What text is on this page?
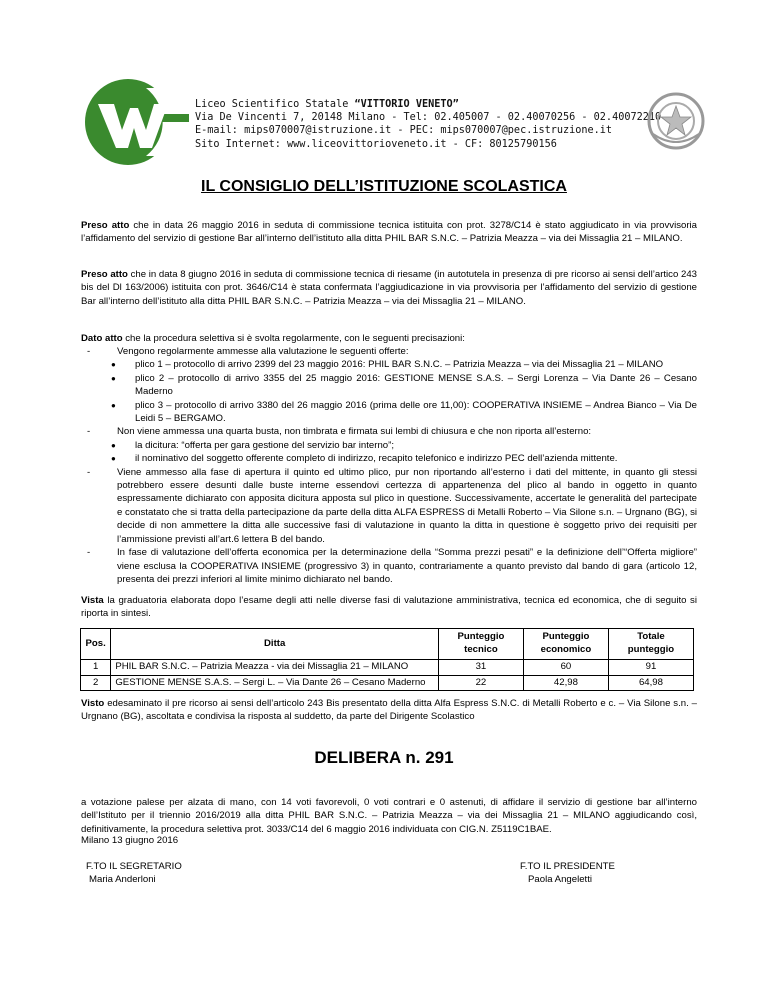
Liceo Scientifico Statale “VITTORIO VENETO”
Via De Vincenti 7, 20148 Milano - Tel: 02.405007 - 02.40070256 - 02.40072210
E-mail: mips070007@istruzione.it - PEC: mips070007@pec.istruzione.it
Sito Internet: www.liceovittorioveneto.it - CF: 80125790156
IL CONSIGLIO DELL’ISTITUZIONE SCOLASTICA
Preso atto che in data 26 maggio 2016 in seduta di commissione tecnica istituita con prot. 3278/C14 è stato aggiudicato in via provvisoria l’affidamento del servizio di gestione Bar all’interno dell’istituto alla ditta PHIL BAR S.N.C. – Patrizia Meazza – via dei Missaglia 21 – MILANO.
Preso atto che in data 8 giugno 2016 in seduta di commissione tecnica di riesame (in autotutela in presenza di pre ricorso ai sensi dell’artico 243 bis del Dl 163/2006) istituita con prot. 3646/C14 è stata confermata l’aggiudicazione in via provvisoria per l’affidamento del servizio di gestione Bar all’interno dell’istituto alla ditta PHIL BAR S.N.C. – Patrizia Meazza – via dei Missaglia 21 – MILANO.
Dato atto che la procedura selettiva si è svolta regolarmente, con le seguenti precisazioni:
-	Vengono regolarmente ammesse alla valutazione le seguenti offerte:
● plico 1 – protocollo di arrivo 2399 del 23 maggio 2016: PHIL BAR S.N.C. – Patrizia Meazza – via dei Missaglia 21 – MILANO
● plico 2 – protocollo di arrivo 3355 del 25 maggio 2016: GESTIONE MENSE S.A.S. – Sergi Lorenza – Via Dante 26 – Cesano Maderno
● plico 3 – protocollo di arrivo 3380 del 26 maggio 2016 (prima delle ore 11,00): COOPERATIVA INSIEME – Andrea Bianco – Via De Leidi 5 – BERGAMO.
-	Non viene ammessa una quarta busta, non timbrata e firmata sui lembi di chiusura e che non riporta all’esterno:
● la dicitura: “offerta per gara gestione del servizio bar interno”;
● il nominativo del soggetto offerente completo di indirizzo, recapito telefonico e indirizzo PEC dell’azienda mittente.
-	Viene ammesso alla fase di apertura il quinto ed ultimo plico, pur non riportando all’esterno i dati del mittente, in quanto gli stessi potrebbero essere desunti dalle buste interne essendovi certezza di appartenenza del plico al bando in oggetto in quanto espressamente dichiarato con apposita dicitura apposta sul plico in questione. Successivamente, accertate le generalità del partecipate e constatato che si tratta della partecipazione da parte della ditta ALFA ESPRESS di Metalli Roberto – Via Silone s.n. – Urgnano (BG), si decide di non ammettere la ditta alle successive fasi di valutazione in quanto la ditta in questione è soggetto privo dei requisiti per l’ammissione previsti all’art.6 lettera B del bando.
-	In fase di valutazione dell’offerta economica per la determinazione della “Somma prezzi pesati” e la definizione dell’“Offerta migliore” viene esclusa la COOPERATIVA INSIEME (progressivo 3) in quanto, contrariamente a quanto previsto dal bando di gara (articolo 12, presenta dei prezzi inferiori al limite minimo dichiarato nel bando.
Vista la graduatoria elaborata dopo l’esame degli atti nelle diverse fasi di valutazione amministrativa, tecnica ed economica, che di seguito si riporta in sintesi.
Pos.	Ditta	Punteggio tecnico	Punteggio economico	Totale punteggio
1	PHIL BAR S.N.C. – Patrizia Meazza - via dei Missaglia 21 – MILANO	31	60	91
2	GESTIONE MENSE S.A.S. – Sergi L. – Via Dante 26 – Cesano Maderno	22	42,98	64,98
Visto edesaminato il pre ricorso ai sensi dell’articolo 243 Bis presentato della ditta Alfa Espress S.N.C. di Metalli Roberto e c. – Via Silone s.n. – Urgnano (BG), ascoltata e condivisa la risposta al suddetto, da parte del Dirigente Scolastico
DELIBERA n. 291
a votazione palese per alzata di mano, con 14 voti favorevoli, 0 voti contrari e 0 astenuti, di affidare il servizio di gestione bar all’interno dell’Istituto per il triennio 2016/2019 alla ditta PHIL BAR S.N.C. – Patrizia Meazza – via dei Missaglia 21 – MILANO aggiudicando così, definitivamente, la procedura selettiva prot. 3033/C14 del 6 maggio 2016 individuata con CIG.N. Z5119C1BAE.
Milano 13 giugno 2016
F.TO IL SEGRETARIO
Maria Anderloni
F.TO IL PRESIDENTE
Paola Angeletti
